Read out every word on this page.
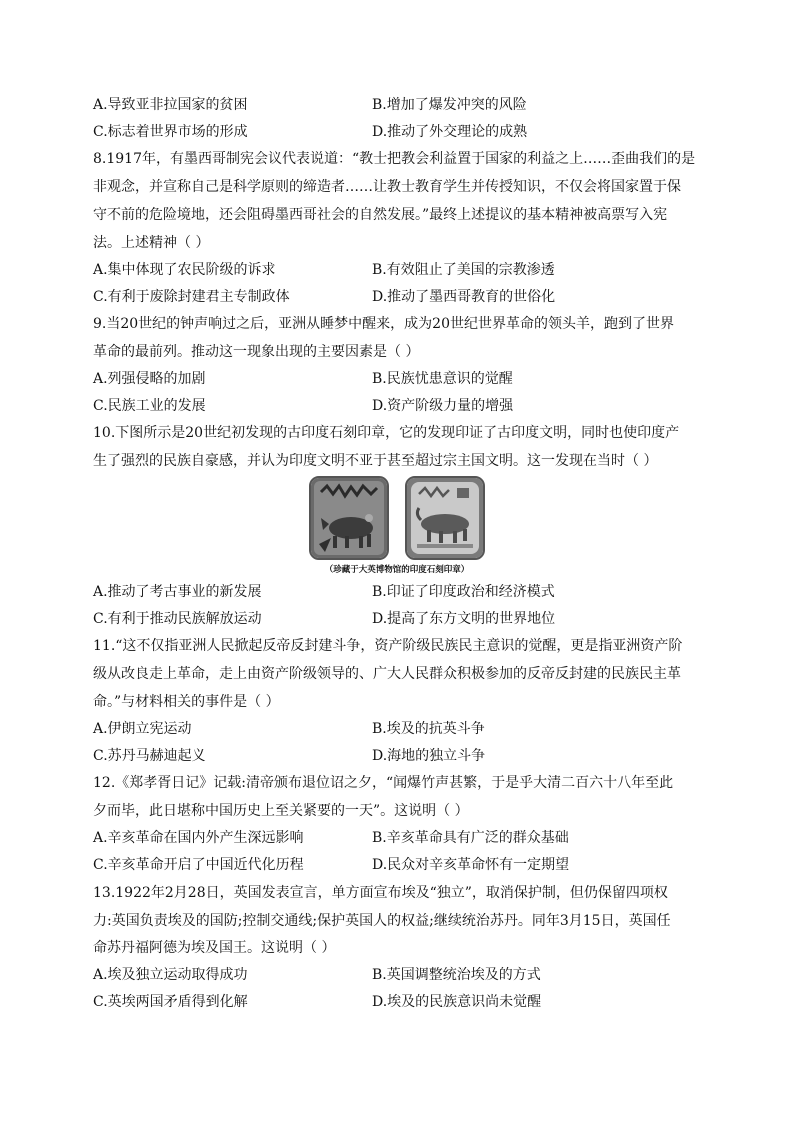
A.导致亚非拉国家的贫困	B.增加了爆发冲突的风险
C.标志着世界市场的形成	D.推动了外交理论的成熟
8.1917年，有墨西哥制宪会议代表说道：“教士把教会利益置于国家的利益之上……歪曲我们的是
非观念，并宣称自己是科学原则的缔造者……让教士教育学生并传授知识，不仅会将国家置于保
守不前的危险境地，还会阻碍墨西哥社会的自然发展。”最终上述提议的基本精神被高票写入宪
法。上述精神（ ）
A.集中体现了农民阶级的诉求	B.有效阻止了美国的宗教渗透
C.有利于废除封建君主专制政体	D.推动了墨西哥教育的世俗化
9.当20世纪的钟声响过之后，亚洲从睡梦中醒来，成为20世纪世界革命的领头羊，跑到了世界
革命的最前列。推动这一现象出现的主要因素是（ ）
A.列强侵略的加剧	B.民族忧患意识的觉醒
C.民族工业的发展	D.资产阶级力量的增强
10.下图所示是20世纪初发现的古印度石刻印章，它的发现印证了古印度文明，同时也使印度产
生了强烈的民族自豪感，并认为印度文明不亚于甚至超过宗主国文明。这一发现在当时（ ）
（珍藏于大英博物馆的印度石刻印章）
A.推动了考古事业的新发展	B.印证了印度政治和经济模式
C.有利于推动民族解放运动	D.提高了东方文明的世界地位
11.“这不仅指亚洲人民掀起反帝反封建斗争，资产阶级民族民主意识的觉醒，更是指亚洲资产阶
级从改良走上革命，走上由资产阶级领导的、广大人民群众积极参加的反帝反封建的民族民主革
命。”与材料相关的事件是（ ）
A.伊朗立宪运动	B.埃及的抗英斗争
C.苏丹马赫迪起义	D.海地的独立斗争
12.《郑孝胥日记》记载:清帝颁布退位诏之夕，“闻爆竹声甚繁，于是乎大清二百六十八年至此
夕而毕，此日堪称中国历史上至关紧要的一天”。这说明（ ）
A.辛亥革命在国内外产生深远影响	B.辛亥革命具有广泛的群众基础
C.辛亥革命开启了中国近代化历程	D.民众对辛亥革命怀有一定期望
13.1922年2月28日，英国发表宣言，单方面宣布埃及“独立”，取消保护制，但仍保留四项权
力:英国负责埃及的国防;控制交通线;保护英国人的权益;继续统治苏丹。同年3月15日，英国任
命苏丹福阿德为埃及国王。这说明（ ）
A.埃及独立运动取得成功	B.英国调整统治埃及的方式
C.英埃两国矛盾得到化解	D.埃及的民族意识尚未觉醒
